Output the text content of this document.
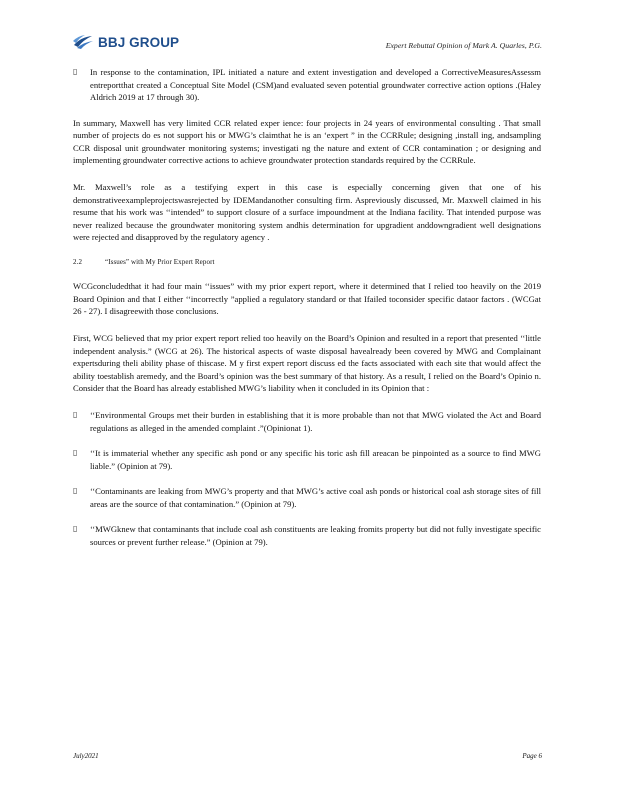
BBJ GROUP	Expert Rebuttal Opinion of Mark A. Quarles, P.G.
▯	In response to the contamination, IPL initiated a nature and extent investigation and developed a CorrectiveMeasuresAssessm entreportthat created a Conceptual Site Model (CSM)and evaluated seven potential groundwater corrective action options .(Haley Aldrich 2019 at 17 through 30).

In summary, Maxwell has very limited CCR related exper ience: four projects in 24 years of environmental consulting . That small number of projects do es not support his or MWG’s claimthat he is an ‘expert ” in the CCRRule; designing ,install ing, andsampling CCR disposal unit groundwater monitoring systems; investigati ng the nature and extent of CCR contamination ; or designing and implementing groundwater corrective actions to achieve groundwater protection standards required by the CCRRule.

Mr. Maxwell’s role as a testifying expert in this case is especially concerning given that one of his demonstrativeexampleprojectswasrejected by IDEMandanother consulting firm. Aspreviously discussed, Mr. Maxwell claimed in his resume that his work was ‘‘intended” to support closure of a surface impoundment at the Indiana facility. That intended purpose was never realized because the groundwater monitoring system andhis determination for upgradient anddowngradient well designations were rejected and disapproved by the regulatory agency .

2.2	“Issues” with My Prior Expert Report

WCGconcludedthat it had four main ‘‘issues” with my prior expert report, where it determined that I relied too heavily on the 2019 Board Opinion and that I either ‘‘incorrectly ”applied a regulatory standard or that Ifailed toconsider specific dataor factors . (WCGat 26 - 27). I disagreewith those conclusions.

First, WCG believed that my prior expert report relied too heavily on the Board’s Opinion and resulted in a report that presented ‘‘little independent analysis.” (WCG at 26). The historical aspects of waste disposal havealready been covered by MWG and Complainant expertsduring theli ability phase of thiscase. M y first expert report discuss ed the facts associated with each site that would affect the ability toestablish aremedy, and the Board’s opinion was the best summary of that history. As a result, I relied on the Board’s Opinio n. Consider that the Board has already established MWG’s liability when it concluded in its Opinion that :

▯	‘‘Environmental Groups met their burden in establishing that it is more probable than not that MWG violated the Act and Board regulations as alleged in the amended complaint .”(Opinionat 1).
▯	‘‘It is immaterial whether any specific ash pond or any specific his toric ash fill areacan be pinpointed as a source to find MWG liable.” (Opinion at 79).
▯	‘‘Contaminants are leaking from MWG’s property and that MWG’s active coal ash ponds or historical coal ash storage sites of fill areas are the source of that contamination.” (Opinion at 79).
▯	‘‘MWGknew that contaminants that include coal ash constituents are leaking fromits property but did not fully investigate specific sources or prevent further release.” (Opinion at 79).
July2021	Page 6
